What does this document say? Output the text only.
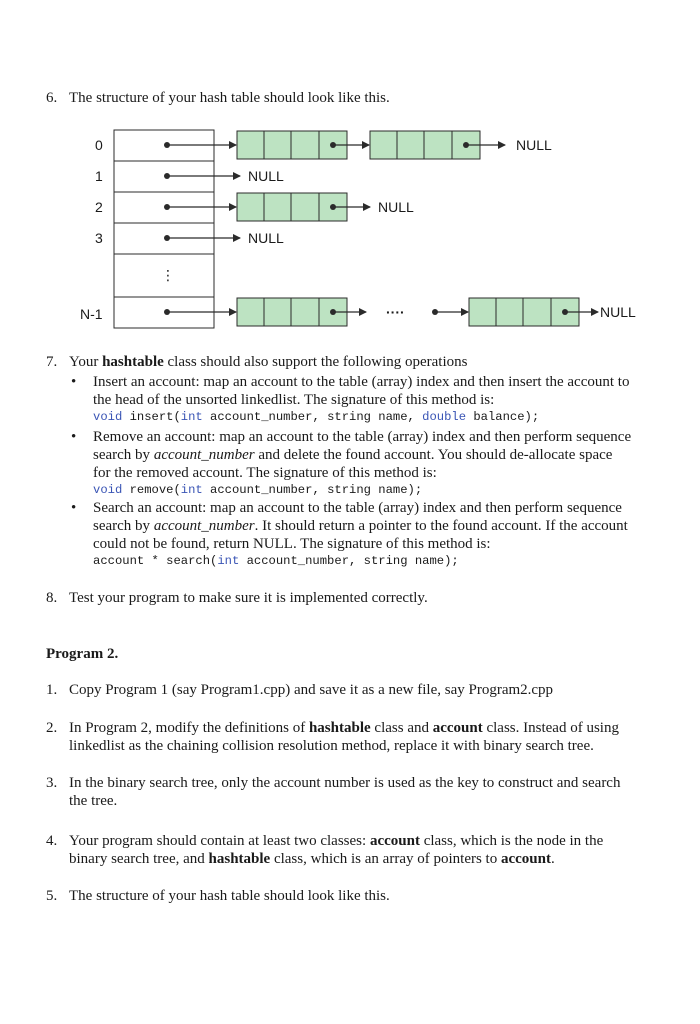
6. The structure of your hash table should look like this.
0
1
2
3
N-1
⋮
NULL
NULL
NULL
NULL
NULL
····
7. Your hashtable class should also support the following operations
• Insert an account: map an account to the table (array) index and then insert the account to
the head of the unsorted linkedlist. The signature of this method is:
void insert(int account_number, string name, double balance);
• Remove an account: map an account to the table (array) index and then perform sequence
search by account_number and delete the found account. You should de-allocate space
for the removed account. The signature of this method is:
void remove(int account_number, string name);
• Search an account: map an account to the table (array) index and then perform sequence
search by account_number. It should return a pointer to the found account. If the account
could not be found, return NULL. The signature of this method is:
account * search(int account_number, string name);
8. Test your program to make sure it is implemented correctly.
Program 2.
1. Copy Program 1 (say Program1.cpp) and save it as a new file, say Program2.cpp
2. In Program 2, modify the definitions of hashtable class and account class. Instead of using
linkedlist as the chaining collision resolution method, replace it with binary search tree.
3. In the binary search tree, only the account number is used as the key to construct and search
the tree.
4. Your program should contain at least two classes: account class, which is the node in the
binary search tree, and hashtable class, which is an array of pointers to account.
5. The structure of your hash table should look like this.
